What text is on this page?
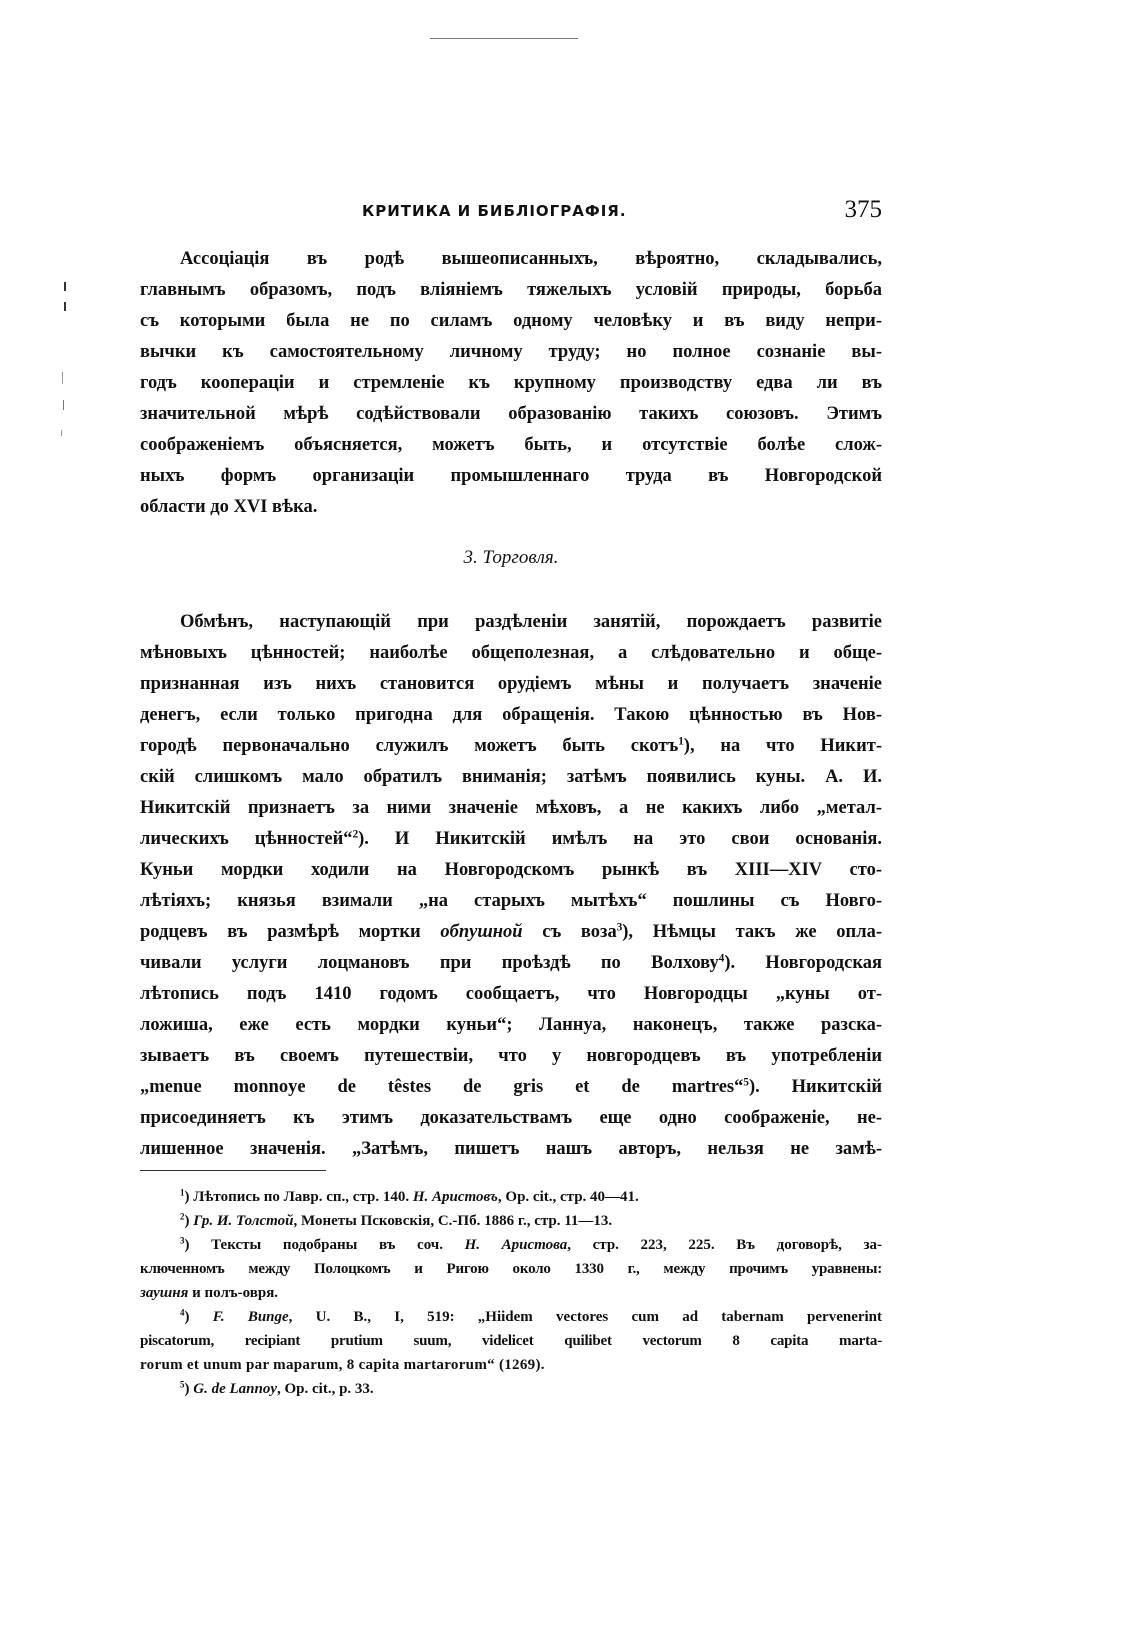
КРИТИКА И БИБЛІОГРАФІЯ.	375
Ассоціація въ родѣ вышеописанныхъ, вѣроятно, складывались,
главнымъ образомъ, подъ вліяніемъ тяжелыхъ условій природы, борьба
съ которыми была не по силамъ одному человѣку и въ виду непри-
вычки къ самостоятельному личному труду; но полное сознаніе вы-
годъ кооперацiи и стремленіе къ крупному производству едва ли въ
значительной мѣрѣ содѣйствовали образованію такихъ союзовъ. Этимъ
соображеніемъ объясняется, можетъ быть, и отсутствіе болѣе слож-
ныхъ формъ организаціи промышленнаго труда въ Новгородской
области до XVI вѣка.
3. Торговля.
Обмѣнъ, наступающій при раздѣленіи занятій, порождаетъ развитіе
мѣновыхъ цѣнностей; наиболѣе общеполезная, а слѣдовательно и обще-
признанная изъ нихъ становится орудіемъ мѣны и получаетъ значеніе
денегъ, если только пригодна для обращенія. Такою цѣнностью въ Нов-
городѣ первоначально служилъ можетъ быть скотъ$^1$), на что Никит-
скій слишкомъ мало обратилъ вниманія; затѣмъ появились куны. А. И.
Никитскій признаетъ за ними значеніе мѣховъ, а не какихъ либо „метал-
лическихъ цѣнностей“$^2$). И Никитскій имѣлъ на это свои основанія.
Куньи мордки ходили на Новгородскомъ рынкѣ въ XIII—XIV сто-
лѣтіяхъ; князья взимали „на старыхъ мытѣхъ“ пошлины съ Новго-
родцевъ въ размѣрѣ мортки обпушной съ воза$^3$), Нѣмцы такъ же опла-
чивали услуги лоцмановъ при проѣздѣ по Волхову$^4$). Новгородская
лѣтопись подъ 1410 годомъ сообщаетъ, что Новгородцы „куны от-
ложиша, еже есть мордки куньи“; Ланнуа, наконецъ, также разска-
зываетъ въ своемъ путешествіи, что у новгородцевъ въ употребленіи
„menue monnoye de têstes de gris et de martres“$^5$). Никитскій
присоединяетъ къ этимъ доказательствамъ еще одно соображеніе, не-
лишенное значенія. „Затѣмъ, пишетъ нашъ авторъ, нельзя не замѣ-
$^1$) Лѣтопись по Лавр. сп., стр. 140. Н. Аристовъ, Op. cit., стр. 40—41.
$^2$) Гр. И. Толстой, Монеты Псковскія, С.-Пб. 1886 г., стр. 11—13.
$^3$) Тексты подобраны въ соч. Н. Аристова, стр. 223, 225. Въ договорѣ, за-
ключенномъ между Полоцкомъ и Ригою около 1330 г., между прочимъ уравнены:
заушня и полъ-овря.
$^4$) F. Bunge, U. B., I, 519: „Hiidem vectores cum ad tabernam pervenerint
piscatorum, recipiant prutium suum, videlicet quilibet vectorum 8 capita marta-
rorum et unum par maparum, 8 capita martarorum“ (1269).
$^5$) G. de Lannoy, Op. cit., p. 33.
